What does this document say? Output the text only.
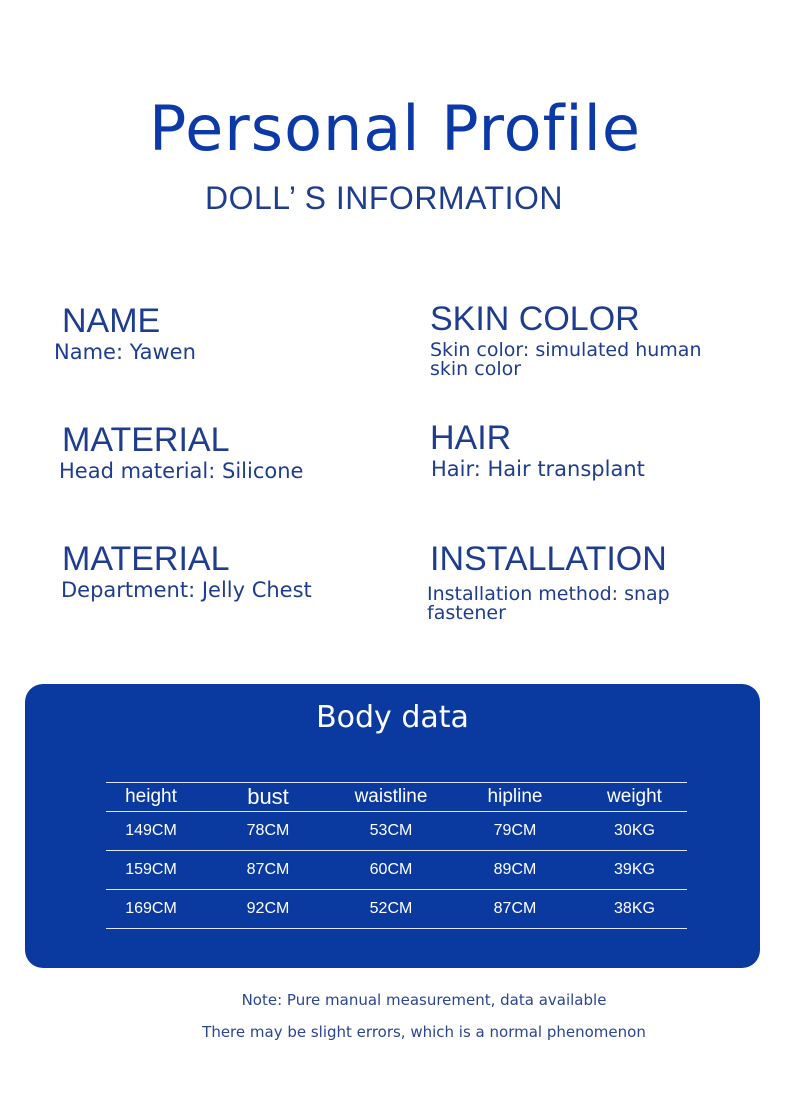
Personal Profile
DOLL’ S INFORMATION
NAME
Name: Yawen
SKIN COLOR
Skin color: simulated human
skin color
MATERIAL
Head material: Silicone
HAIR
Hair: Hair transplant
MATERIAL
Department: Jelly Chest
INSTALLATION
Installation method: snap
fastener
Body data
height	bust	waistline	hipline	weight
149CM	78CM	53CM	79CM	30KG
159CM	87CM	60CM	89CM	39KG
169CM	92CM	52CM	87CM	38KG
Note: Pure manual measurement, data available
There may be slight errors, which is a normal phenomenon
